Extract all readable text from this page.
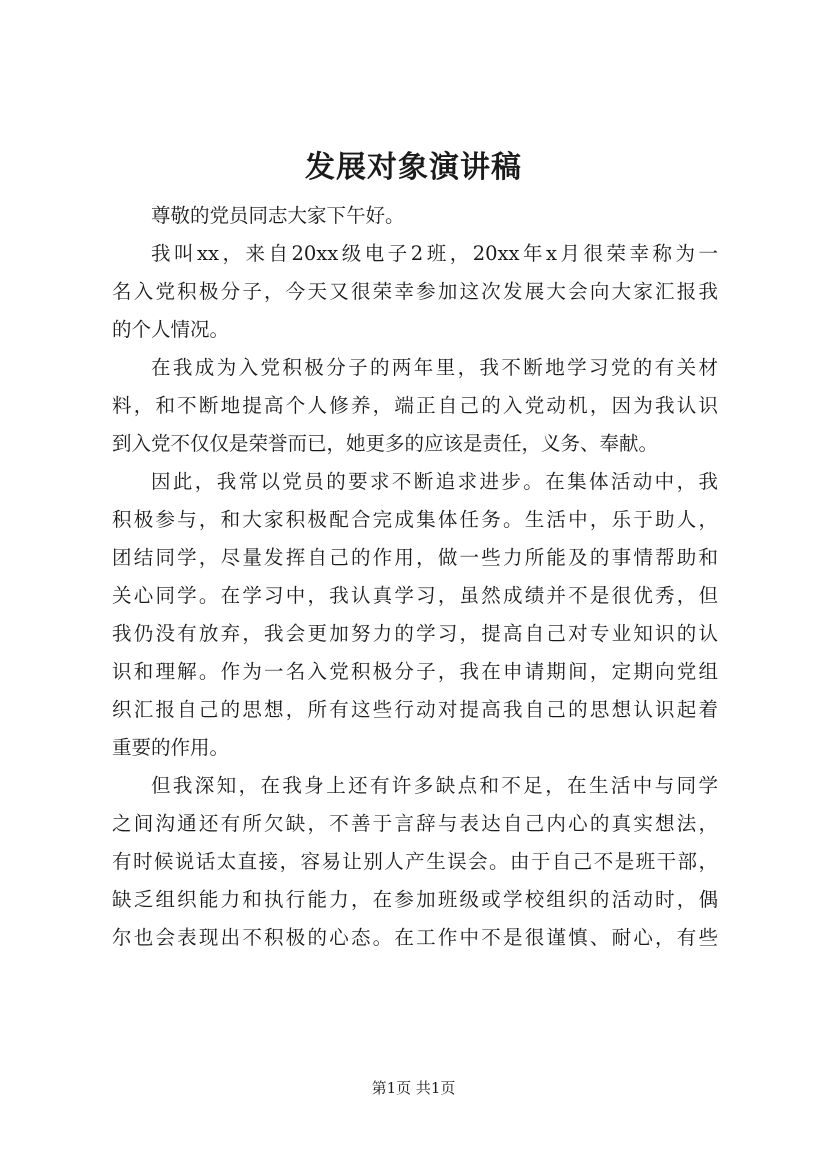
发展对象演讲稿
尊敬的党员同志大家下午好。
我叫xx，来自20xx级电子2班，20xx年x月很荣幸称为一
名入党积极分子，今天又很荣幸参加这次发展大会向大家汇报我
的个人情况。
在我成为入党积极分子的两年里，我不断地学习党的有关材
料，和不断地提高个人修养，端正自己的入党动机，因为我认识
到入党不仅仅是荣誉而已，她更多的应该是责任，义务、奉献。
因此，我常以党员的要求不断追求进步。在集体活动中，我
积极参与，和大家积极配合完成集体任务。生活中，乐于助人，
团结同学，尽量发挥自己的作用，做一些力所能及的事情帮助和
关心同学。在学习中，我认真学习，虽然成绩并不是很优秀，但
我仍没有放弃，我会更加努力的学习，提高自己对专业知识的认
识和理解。作为一名入党积极分子，我在申请期间，定期向党组
织汇报自己的思想，所有这些行动对提高我自己的思想认识起着
重要的作用。
但我深知，在我身上还有许多缺点和不足，在生活中与同学
之间沟通还有所欠缺，不善于言辞与表达自己内心的真实想法，
有时候说话太直接，容易让别人产生误会。由于自己不是班干部，
缺乏组织能力和执行能力，在参加班级或学校组织的活动时，偶
尔也会表现出不积极的心态。在工作中不是很谨慎、耐心，有些
第1页 共1页
